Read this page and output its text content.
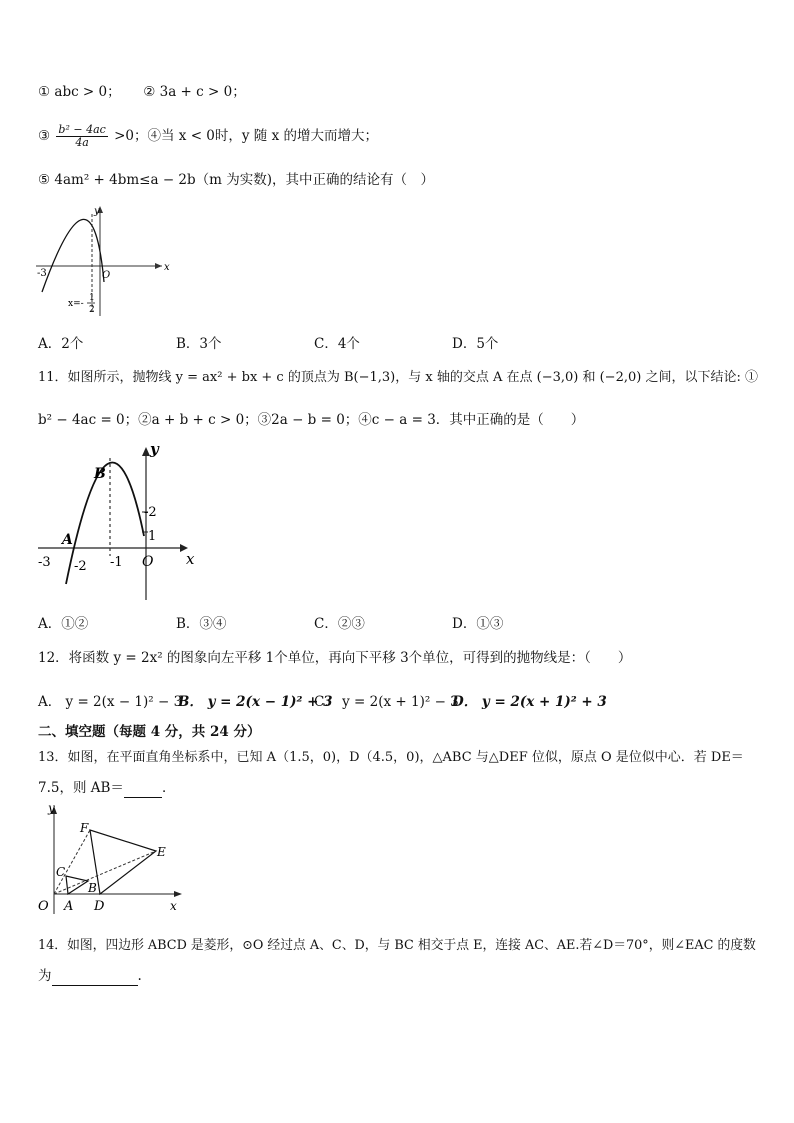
① abc > 0； ② 3a + c > 0；
③ $\frac{\text{b² − 4ac}}{4a} >0$；④当 x < 0时，y 随 x 的增大而增大；
⑤ 4am² + 4bm≤a − 2b（m 为实数)，其中正确的结论有（　）
y
x
O
-3
x=-
1
2
A．2个	B．3个	C．4个	D．5个
11．如图所示，抛物线 y = ax² + bx + c 的顶点为 B(−1,3)，与 x 轴的交点 A 在点 (−3,0) 和 (−2,0) 之间，以下结论: ①
b² − 4ac = 0；②a + b + c > 0；③2a − b = 0；④c − a = 3．其中正确的是（　　）
y
x
B
A
O
-2
1
-3 -2 -1
A．①②	B．③④	C．②③	D．①③
12．将函数 y = 2x² 的图象向左平移 1个单位，再向下平移 3个单位，可得到的抛物线是：（　　）
A． y = 2(x − 1)² − 3
B． y = 2(x − 1)² + 3
C． y = 2(x + 1)² − 3
D． y = 2(x + 1)² + 3
二、填空题（每题 4 分，共 24 分）
13．如图，在平面直角坐标系中，已知 A（1.5，0)，D（4.5，0)，△ABC 与△DEF 位似，原点 O 是位似中心．若 DE＝
7.5，则 AB＝	．
y
x
O A
B
C
D
E
F
14．如图，四边形 ABCD 是菱形，⊙O 经过点 A、C、D，与 BC 相交于点 E，连接 AC、AE.若∠D＝70°，则∠EAC 的度数
为	.
